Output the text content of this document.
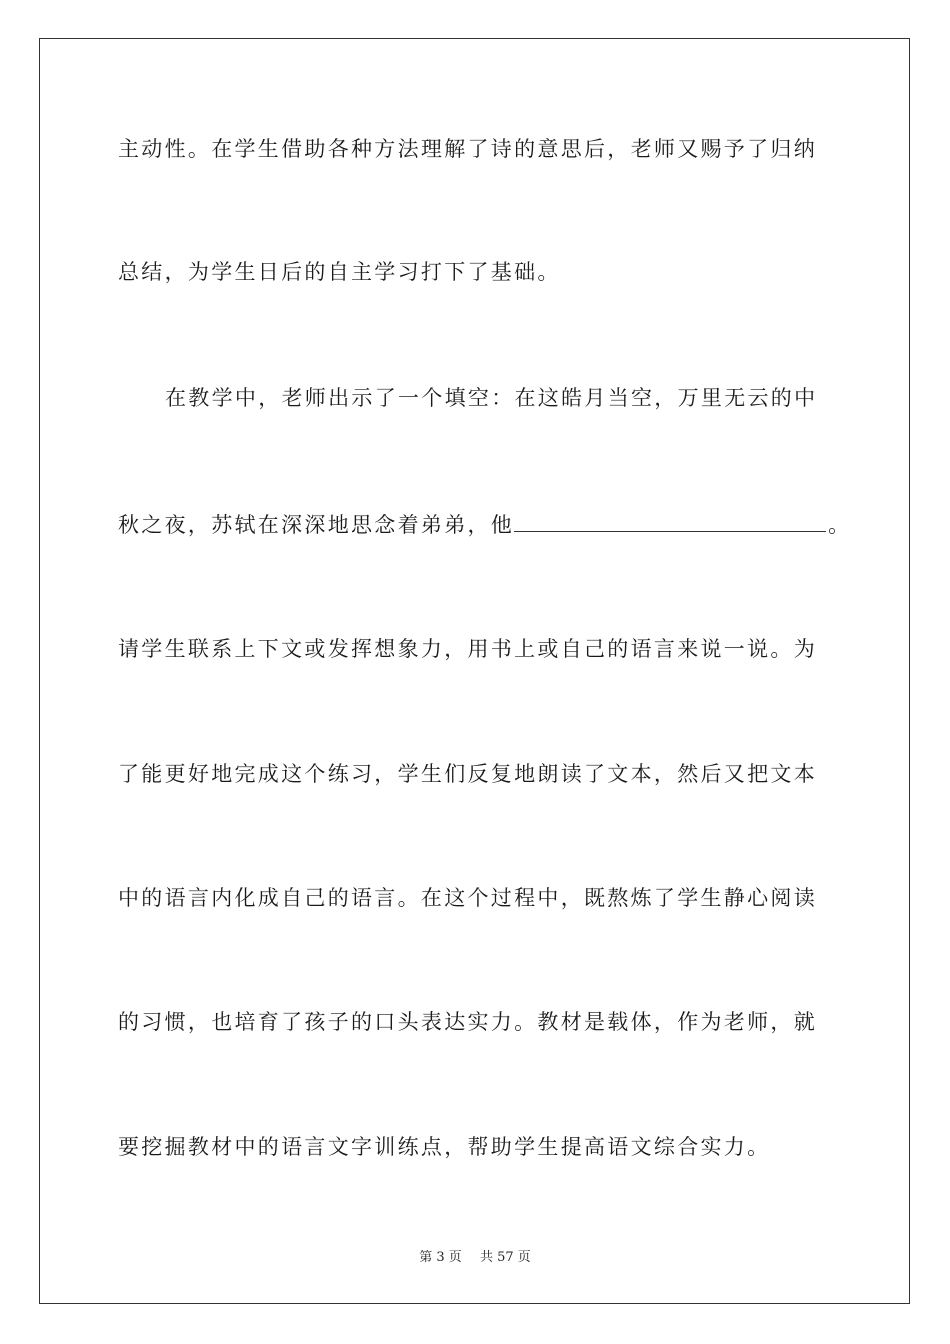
主动性。在学生借助各种方法理解了诗的意思后，老师又赐予了归纳
总结，为学生日后的自主学习打下了基础。
在教学中，老师出示了一个填空：在这皓月当空，万里无云的中
秋之夜，苏轼在深深地思念着弟弟，他	。
请学生联系上下文或发挥想象力，用书上或自己的语言来说一说。为
了能更好地完成这个练习，学生们反复地朗读了文本，然后又把文本
中的语言内化成自己的语言。在这个过程中，既熬炼了学生静心阅读
的习惯，也培育了孩子的口头表达实力。教材是载体，作为老师，就
要挖掘教材中的语言文字训练点，帮助学生提高语文综合实力。
第 3 页 共 57 页
